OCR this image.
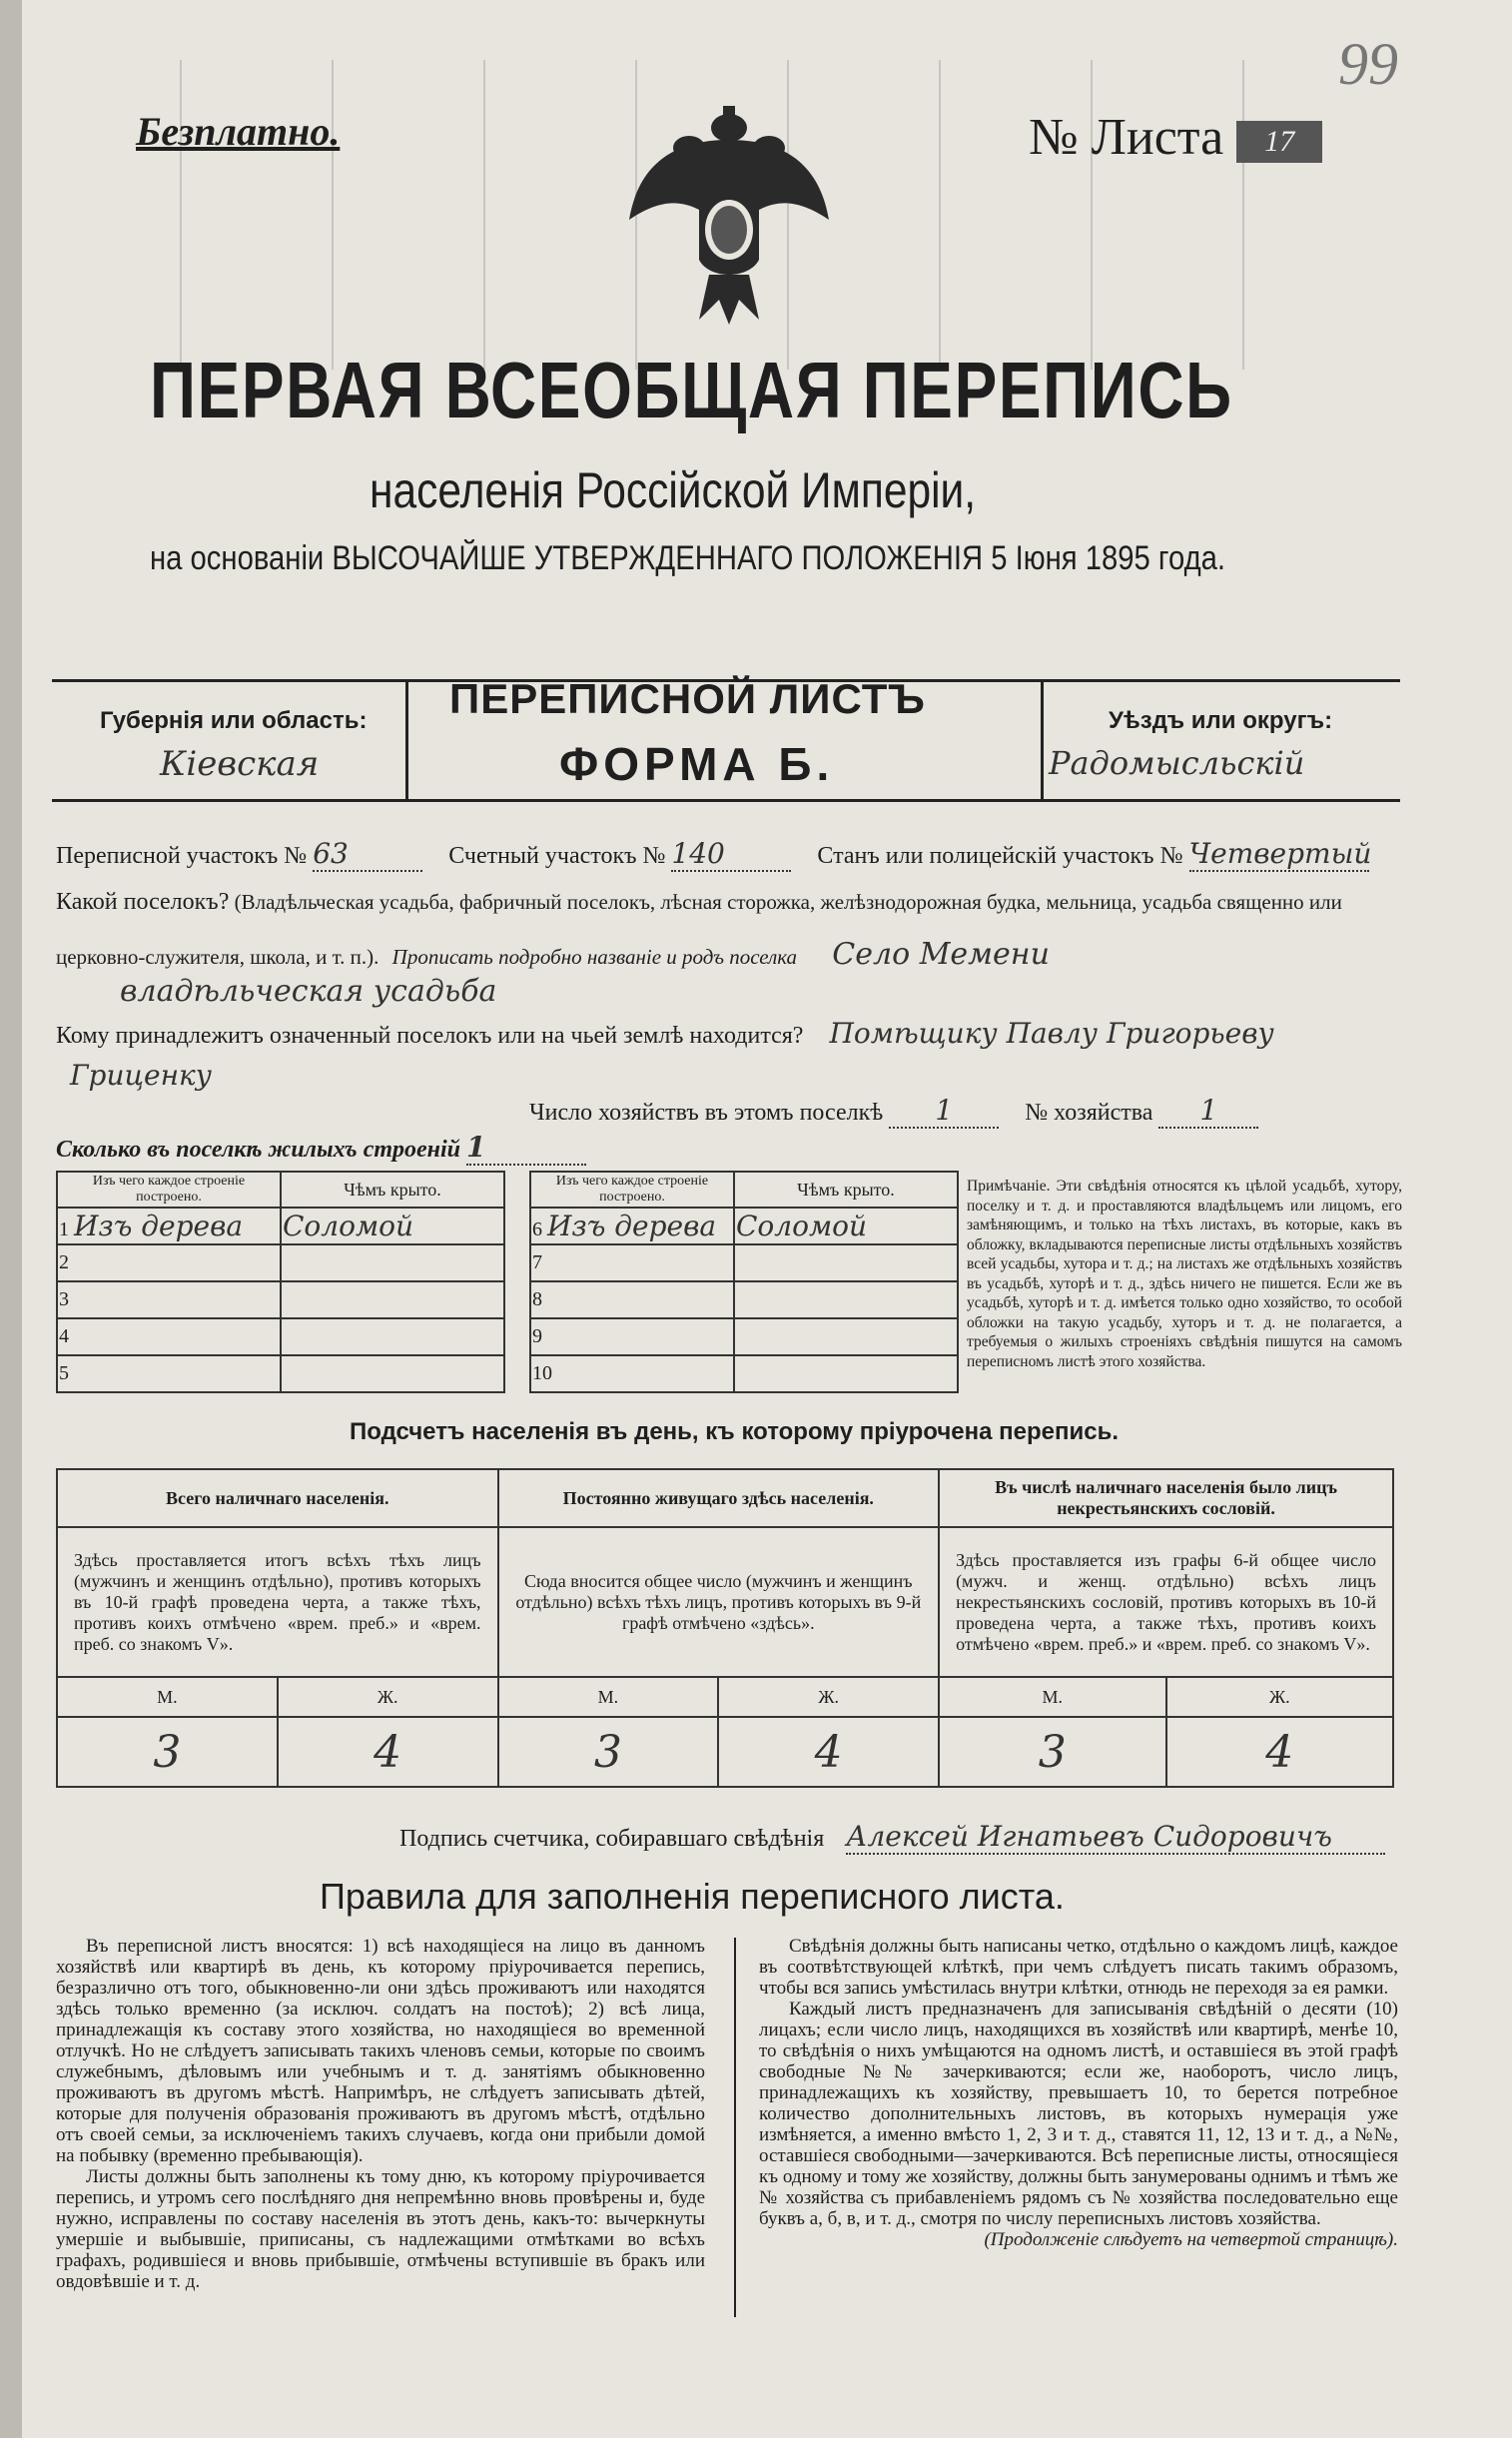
99
Безплатно.	№ Листа 17
ПЕРВАЯ ВСЕОБЩАЯ ПЕРЕПИСЬ
населенія Россійской Имперіи,
на основаніи ВЫСОЧАЙШЕ УТВЕРЖДЕННАГО ПОЛОЖЕНІЯ 5 Іюня 1895 года.
Губернія или область:
Кіевская
ПЕРЕПИСНОЙ ЛИСТЪ
ФОРМА Б.
Уѣздъ или округъ:
Радомысльскій
Переписной участокъ № 63	Счетный участокъ № 140	Станъ или полицейскій участокъ № Четвертый
Какой поселокъ? (Владѣльческая усадьба, фабричный поселокъ, лѣсная сторожка, желѣзнодорожная будка, мельница, усадьба священно или
церковно-служителя, школа, и т. п.). Прописать подробно названіе и родъ поселка Село Мемени
владѣльческая усадьба
Кому принадлежитъ означенный поселокъ или на чьей землѣ находится? Помѣщику Павлу Григорьеву
Гриценку
Число хозяйствъ въ этомъ поселкѣ 1	№ хозяйства 1
Сколько въ поселкѣ жилыхъ строеній 1
Изъ чего каждое строеніе построено.	Чѣмъ крыто.
1 Изъ дерева	Соломой
2	
3	
4	
5	
Изъ чего каждое строеніе построено.	Чѣмъ крыто.
6 Изъ дерева	Соломой
7	
8	
9	
10	
Примѣчаніе. Эти свѣдѣнія относятся къ цѣлой усадьбѣ, хутору, поселку и т. д. и проставляются владѣльцемъ или лицомъ, его замѣняющимъ, и только на тѣхъ листахъ, въ которые, какъ въ обложку, вкладываются переписные листы отдѣльныхъ хозяйствъ всей усадьбы, хутора и т. д.; на листахъ же отдѣльныхъ хозяйствъ въ усадьбѣ, хуторѣ и т. д., здѣсь ничего не пишется. Если же въ усадьбѣ, хуторѣ и т. д. имѣется только одно хозяйство, то особой обложки на такую усадьбу, хуторъ и т. д. не полагается, а требуемыя о жилыхъ строеніяхъ свѣдѣнія пишутся на самомъ переписномъ листѣ этого хозяйства.
Подсчетъ населенія въ день, къ которому пріурочена перепись.
Всего наличнаго населенія.		Постоянно живущаго здѣсь населенія.		Въ числѣ наличнаго населенія было лицъ некрестьянскихъ сословій.	
Здѣсь проставляется итогъ всѣхъ тѣхъ лицъ (мужчинъ и женщинъ отдѣльно), противъ которыхъ въ 10-й графѣ проведена черта, а также тѣхъ, противъ коихъ отмѣчено «врем. преб.» и «врем. преб. со знакомъ V».		Сюда вносится общее число (мужчинъ и женщинъ отдѣльно) всѣхъ тѣхъ лицъ, противъ которыхъ въ 9-й графѣ отмѣчено «здѣсь».		Здѣсь проставляется изъ графы 6-й общее число (мужч. и женщ. отдѣльно) всѣхъ лицъ некрестьянскихъ сословій, противъ которыхъ въ 10-й проведена черта, а также тѣхъ, противъ коихъ отмѣчено «врем. преб.» и «врем. преб. со знакомъ V».	
М.	Ж.	М.	Ж.	М.	Ж.
3	4	3	4	3	4
Подпись счетчика, собиравшаго свѣдѣнія Алексей Игнатьевъ Сидоровичъ
Правила для заполненія переписного листа.

Въ переписной листъ вносятся: 1) всѣ находящіеся на лицо въ данномъ хозяйствѣ или квартирѣ въ день, къ которому пріурочивается перепись, безразлично отъ того, обыкновенно-ли они здѣсь проживаютъ или находятся здѣсь только временно (за исключ. солдатъ на постоѣ); 2) всѣ лица, принадлежащія къ составу этого хозяйства, но находящіеся во временной отлучкѣ. Но не слѣдуетъ записывать такихъ членовъ семьи, которые по своимъ служебнымъ, дѣловымъ или учебнымъ и т. д. занятіямъ обыкновенно проживаютъ въ другомъ мѣстѣ. Напримѣръ, не слѣдуетъ записывать дѣтей, которые для полученія образованія проживаютъ въ другомъ мѣстѣ, отдѣльно отъ своей семьи, за исключеніемъ такихъ случаевъ, когда они прибыли домой на побывку (временно пребывающія).

Листы должны быть заполнены къ тому дню, къ которому пріурочивается перепись, и утромъ сего послѣдняго дня непремѣнно вновь провѣрены и, буде нужно, исправлены по составу населенія въ этотъ день, какъ-то: вычеркнуты умершіе и выбывшіе, приписаны, съ надлежащими отмѣтками во всѣхъ графахъ, родившіеся и вновь прибывшіе, отмѣчены вступившіе въ бракъ или овдовѣвшіе и т. д.

Свѣдѣнія должны быть написаны четко, отдѣльно о каждомъ лицѣ, каждое въ соотвѣтствующей клѣткѣ, при чемъ слѣдуетъ писать такимъ образомъ, чтобы вся запись умѣстилась внутри клѣтки, отнюдь не переходя за ея рамки.

Каждый листъ предназначенъ для записыванія свѣдѣній о десяти (10) лицахъ; если число лицъ, находящихся въ хозяйствѣ или квартирѣ, менѣе 10, то свѣдѣнія о нихъ умѣщаются на одномъ листѣ, и оставшіеся въ этой графѣ свободные №№ зачеркиваются; если же, наоборотъ, число лицъ, принадлежащихъ къ хозяйству, превышаетъ 10, то берется потребное количество дополнительныхъ листовъ, въ которыхъ нумерація уже измѣняется, а именно вмѣсто 1, 2, 3 и т. д., ставятся 11, 12, 13 и т. д., а №№, оставшіеся свободными—зачеркиваются. Всѣ переписные листы, относящіеся къ одному и тому же хозяйству, должны быть занумерованы однимъ и тѣмъ же № хозяйства съ прибавленіемъ рядомъ съ № хозяйства последовательно еще буквъ а, б, в, и т. д., смотря по числу переписныхъ листовъ хозяйства.

(Продолженіе слѣдуетъ на четвертой страницѣ).
